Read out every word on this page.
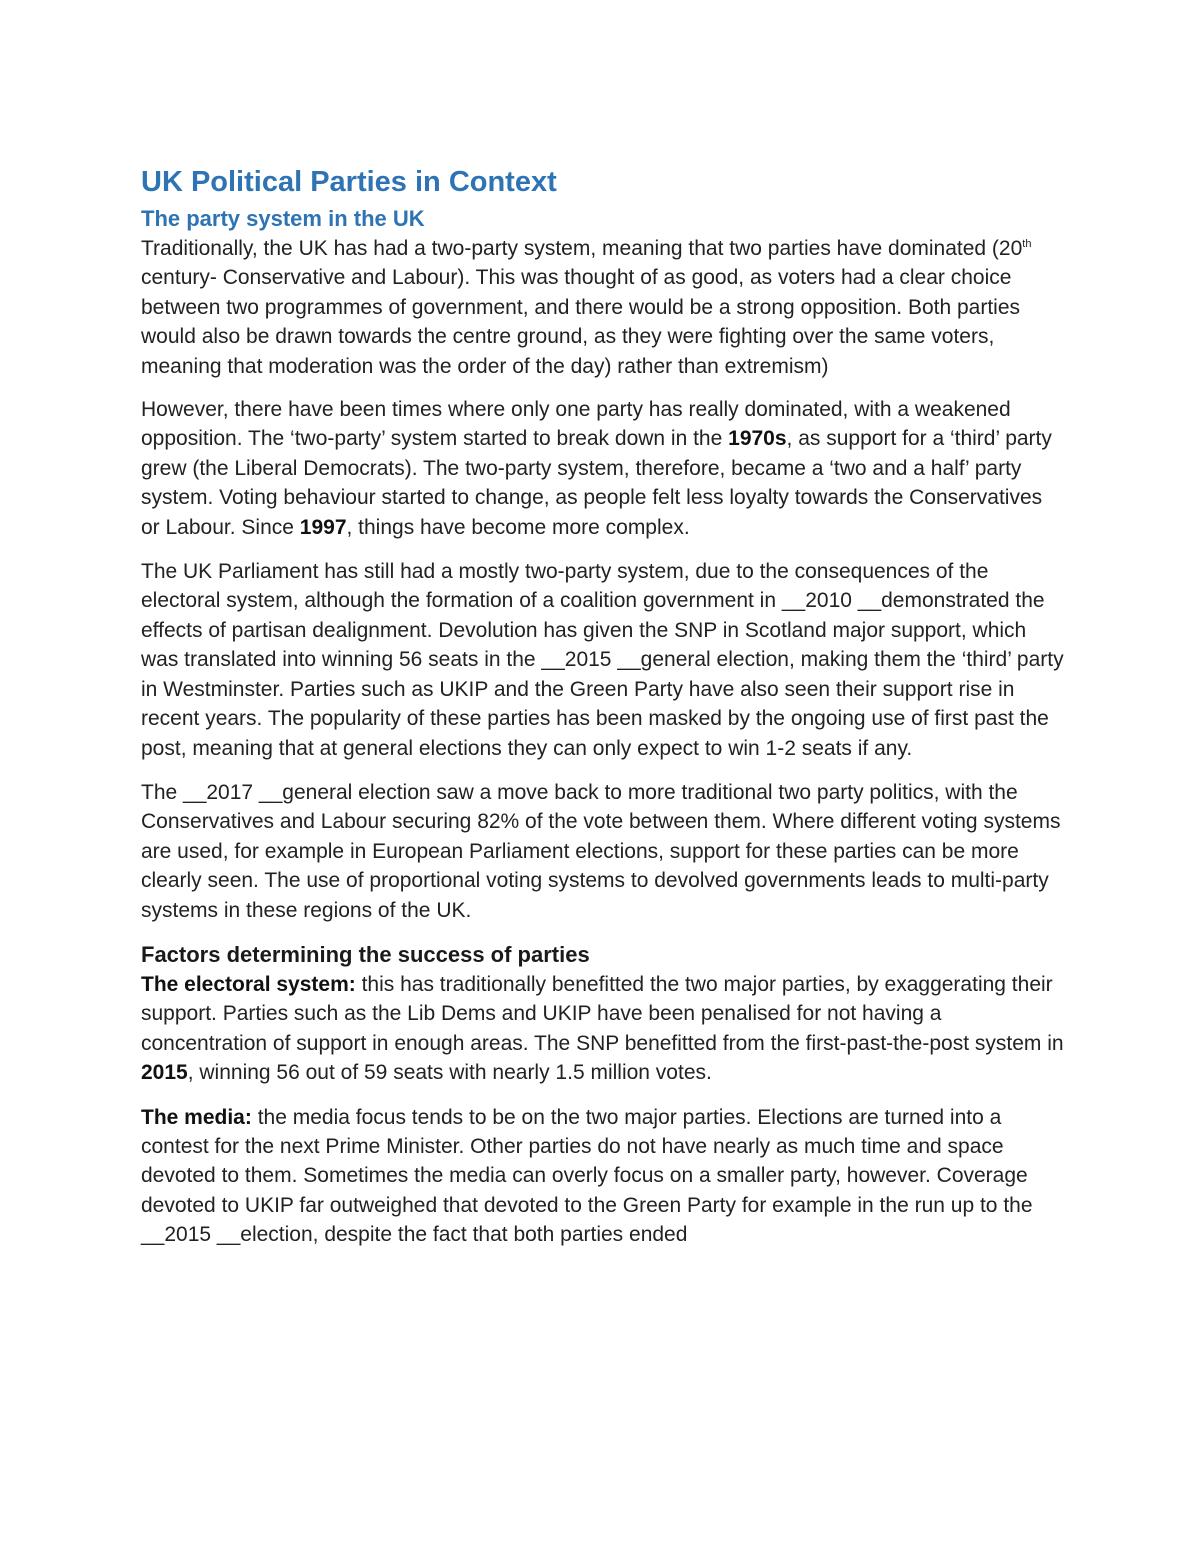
UK Political Parties in Context
The party system in the UK

Traditionally, the UK has had a two-party system, meaning that two parties have dominated (20th century- Conservative and Labour). This was thought of as good, as voters had a clear choice between two programmes of government, and there would be a strong opposition. Both parties would also be drawn towards the centre ground, as they were fighting over the same voters, meaning that moderation was the order of the day) rather than extremism)

However, there have been times where only one party has really dominated, with a weakened opposition. The ‘two-party’ system started to break down in the 1970s, as support for a ‘third’ party grew (the Liberal Democrats). The two-party system, therefore, became a ‘two and a half’ party system. Voting behaviour started to change, as people felt less loyalty towards the Conservatives or Labour. Since 1997, things have become more complex.

The UK Parliament has still had a mostly two-party system, due to the consequences of the electoral system, although the formation of a coalition government in __2010 __demonstrated the effects of partisan dealignment. Devolution has given the SNP in Scotland major support, which was translated into winning 56 seats in the __2015 __general election, making them the ‘third’ party in Westminster. Parties such as UKIP and the Green Party have also seen their support rise in recent years. The popularity of these parties has been masked by the ongoing use of first past the post, meaning that at general elections they can only expect to win 1-2 seats if any.

The __2017 __general election saw a move back to more traditional two party politics, with the Conservatives and Labour securing 82% of the vote between them. Where different voting systems are used, for example in European Parliament elections, support for these parties can be more clearly seen. The use of proportional voting systems to devolved governments leads to multi-party systems in these regions of the UK.

Factors determining the success of parties

The electoral system: this has traditionally benefitted the two major parties, by exaggerating their support. Parties such as the Lib Dems and UKIP have been penalised for not having a concentration of support in enough areas. The SNP benefitted from the first-past-the-post system in 2015, winning 56 out of 59 seats with nearly 1.5 million votes.

The media: the media focus tends to be on the two major parties. Elections are turned into a contest for the next Prime Minister. Other parties do not have nearly as much time and space devoted to them. Sometimes the media can overly focus on a smaller party, however. Coverage devoted to UKIP far outweighed that devoted to the Green Party for example in the run up to the __2015 __election, despite the fact that both parties ended
